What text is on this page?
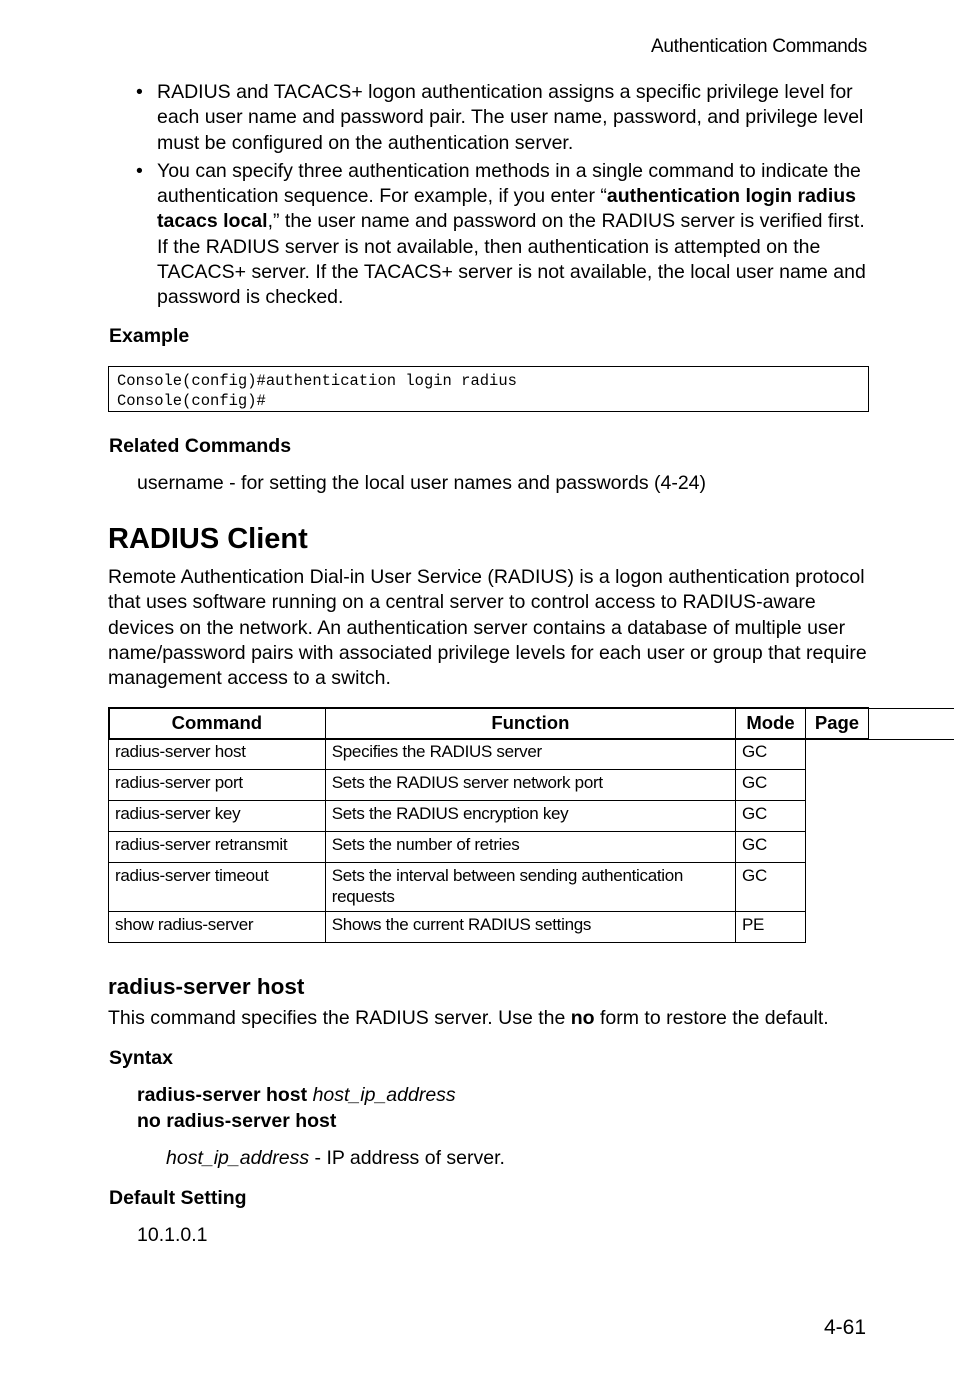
Authentication Commands
• RADIUS and TACACS+ logon authentication assigns a specific privilege level for each user name and password pair. The user name, password, and privilege level must be configured on the authentication server.
• You can specify three authentication methods in a single command to indicate the authentication sequence. For example, if you enter “authentication login radius tacacs local,” the user name and password on the RADIUS server is verified first. If the RADIUS server is not available, then authentication is attempted on the TACACS+ server. If the TACACS+ server is not available, the local user name and password is checked.
Example
Console(config)#authentication login radius
Console(config)#
Related Commands
username - for setting the local user names and passwords (4-24)
RADIUS Client
Remote Authentication Dial-in User Service (RADIUS) is a logon authentication protocol that uses software running on a central server to control access to RADIUS-aware devices on the network. An authentication server contains a database of multiple user name/password pairs with associated privilege levels for each user or group that require management access to a switch.
Command	Function	Mode	Page
radius-server host	Specifies the RADIUS server	GC	

radius-server port	Sets the RADIUS server network port	GC	

radius-server key	Sets the RADIUS encryption key	GC	

radius-server retransmit	Sets the number of retries	GC	

radius-server timeout	Sets the interval between sending authentication requests	GC	

show radius-server	Shows the current RADIUS settings	PE	
radius-server host
This command specifies the RADIUS server. Use the no form to restore the default.
Syntax
radius-server host host_ip_address
no radius-server host
host_ip_address - IP address of server.
Default Setting
10.1.0.1
4-61
